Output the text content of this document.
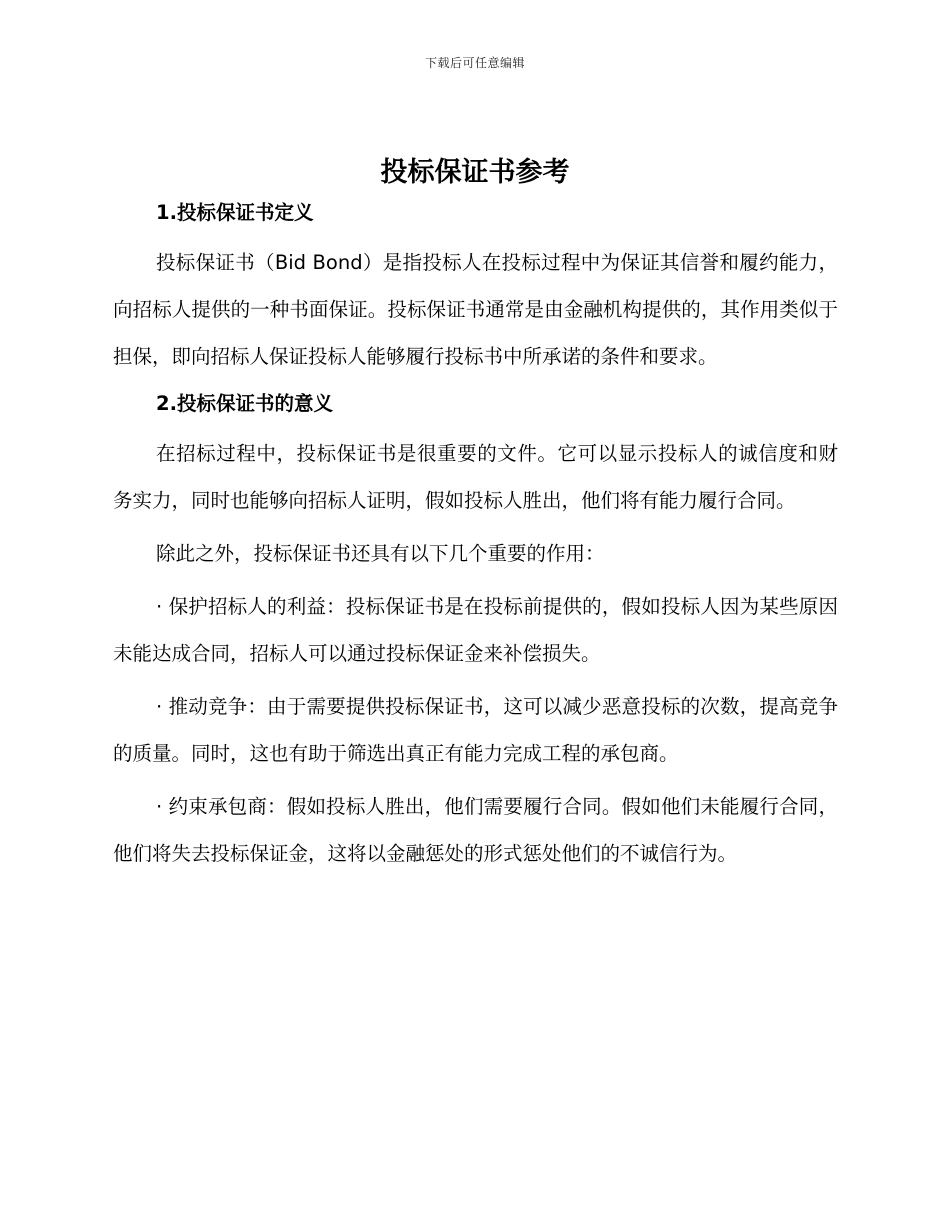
下载后可任意编辑
投标保证书参考
1.投标保证书定义

投标保证书（Bid Bond）是指投标人在投标过程中为保证其信誉和履约能力，向招标人提供的一种书面保证。投标保证书通常是由金融机构提供的，其作用类似于担保，即向招标人保证投标人能够履行投标书中所承诺的条件和要求。

2.投标保证书的意义

在招标过程中，投标保证书是很重要的文件。它可以显示投标人的诚信度和财务实力，同时也能够向招标人证明，假如投标人胜出，他们将有能力履行合同。

除此之外，投标保证书还具有以下几个重要的作用：

· 保护招标人的利益：投标保证书是在投标前提供的，假如投标人因为某些原因未能达成合同，招标人可以通过投标保证金来补偿损失。

· 推动竞争：由于需要提供投标保证书，这可以减少恶意投标的次数，提高竞争的质量。同时，这也有助于筛选出真正有能力完成工程的承包商。

· 约束承包商：假如投标人胜出，他们需要履行合同。假如他们未能履行合同，他们将失去投标保证金，这将以金融惩处的形式惩处他们的不诚信行为。
